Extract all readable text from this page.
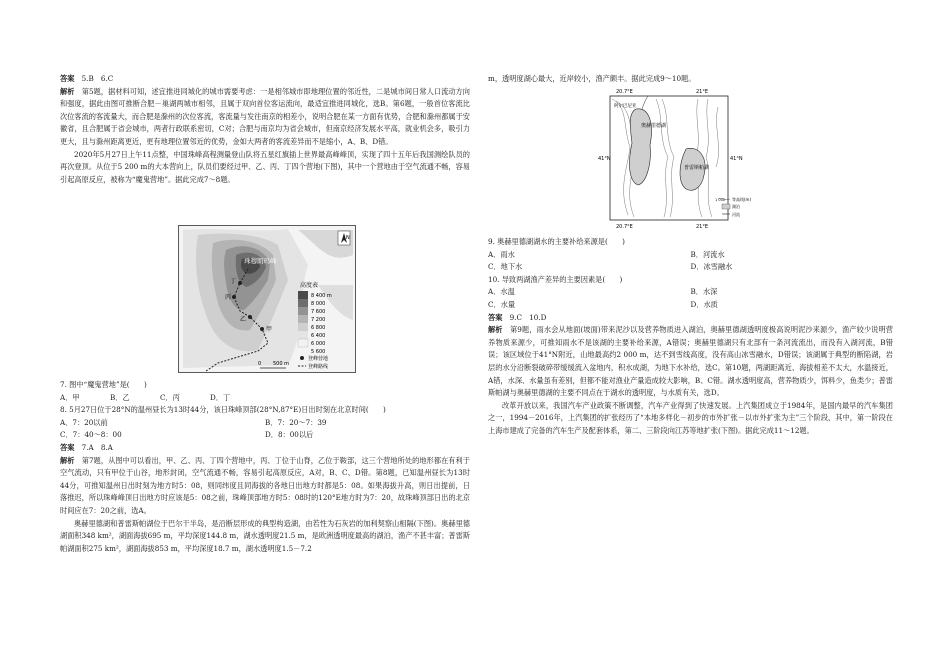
答案　 5.B　6.C

解析　 第5题，据材料可知，述宜推进同城化的城市需要考虑：一是相邻城市即地理位置的邻近性，二是城市间日常人口流动方向和强度，据此由图可推断合肥－巢湖两城市相邻，且属于双向首位客运流向，最适宜推进同城化，选B。第6题，一般首位客流比次位客流的客流量大，而合肥是滁州的次位客流，客流量与发往南京的相差小，说明合肥在某一方面有优势，合肥和滁州都属于安徽省，且合肥属于省会城市，两者行政联系密切，C对；合肥与南京均为省会城市，但南京经济发展水平高，就业机会多，吸引力更大，且与滁州距离更近，更有地理位置邻近的优势，金如大两者的客流差异而不是缩小，A、B、D错。

2020年5月27日上午11点整，中国珠峰高程测量登山队将五星红旗插上世界最高峰峰顶，实现了四十五年后我国测绘队员的再次登顶。从位于5 200 m的大本营向上，队员们要经过甲、乙、丙、丁四个营地(下图)，其中一个营地由于空气流通不畅，容易引起高原反应，被称为“魔鬼营地”。据此完成7～8题。

珠穆朗玛峰
丁
丙
乙
甲
N
高度表
8 400 m
8 000
7 600
7 200
6 800
6 400
6 000
5 600
登峰营地
登峰路线
0 500 m

7. 图中“魔鬼营地”是(　　)

A．甲	B．乙	C．丙	D．丁

8. 5月27日位于28°N的温州昼长为13时44分，该日珠峰顶部(28°N,87°E)日出时刻在北京时间(　　)

A．7：20以前	B．7：20～7：39
C．7：40～8：00	D．8：00以后

答案　 7.A　8.A

解析　 第7题，从图中可以看出，甲、乙、丙、丁四个营地中，丙、丁位于山脊，乙位于鞍部，这三个营地所处的地形都在有利于空气流动，只有甲位于山谷，地形封闭，空气流通不畅，容易引起高原反应，A对，B、C、D错。第8题，已知温州昼长为13时44分，可推知温州日出时刻为地方时5：08，则同纬度且同海拔的各地日出地方时都是5：08。如果海拔升高，则日出提前，日落推迟，所以珠峰峰顶日出地方时应该是5：08之前，珠峰顶部地方时5：08时的120°E地方时为7：20，故珠峰顶部日出的北京时间应在7：20之前，选A。

奥赫里德湖和普雷斯帕湖位于巴尔干半岛，是沿断层形成的典型构造湖，由若性为石灰岩的加利契察山相隔(下图)。奥赫里德湖面积348 km²，湖面海拔695 m，平均深度144.8 m，湖水透明度21.5 m，是欧洲透明度最高的湖泊，渔产不甚丰富；普雷斯帕湖面积275 km²，湖面海拔853 m，平均深度18.7 m，湖水透明度1.5－7.2

m，透明度湖心最大，近岸较小，渔产颇丰。据此完成9～10题。

20.7°E	21°E
奥赫里德湖
普雷斯帕湖
阿尔巴尼亚
41°N	41°N
20.7°E	21°E
1 000 等高线(m)
湖泊
河流

9. 奥赫里德湖湖水的主要补给来源是(　　)

A．雨水	B．河流水
C．地下水	D．冰雪融水

10. 导致两湖渔产差异的主要因素是(　　)

A．水温	B．水深
C．水量	D．水质

答案　 9.C　10.D

解析　 第9题，雨水会从地面(坡面)带来泥沙以及营养物质进入湖泊，奥赫里德湖透明度极高说明泥沙来源少，渔产较少说明营养物质来源少，可推知雨水不是该湖的主要补给来源，A错误；奥赫里德湖只有北部有一条河流流出，而没有入湖河流，B错误；该区域位于41°N附近，山地最高约2 000 m，达不到雪线高度，没有高山冰雪融水，D错误；该湖属于典型的断陷湖，岩层的水分沿断裂破碎带缓缓流入盆地内，积水成湖，为地下水补给，选C。第10题，两湖距离近、海拔相差不太大，水温接近，A错，水深、水量虽有差别，但都不能对渔业产量造成较大影响，B、C错。湖水透明度高，营养物质少，饵料少，鱼类少；普雷斯帕湖与奥赫里德湖的主要不同点在于湖水的透明度，与水质有关，选D。

改革开放以来，我国汽车产业政策不断调整，汽车产业得到了快速发展。上汽集团成立于1984年，是国内最早的汽车集团之一，1994－2016年，上汽集团的扩张经历了“本地多样化－初步的市外扩张－以市外扩张为主”三个阶段，其中，第一阶段在上海市建成了完备的汽车生产及配套体系，第二、三阶段向江苏等地扩张(下图)。据此完成11～12题。
